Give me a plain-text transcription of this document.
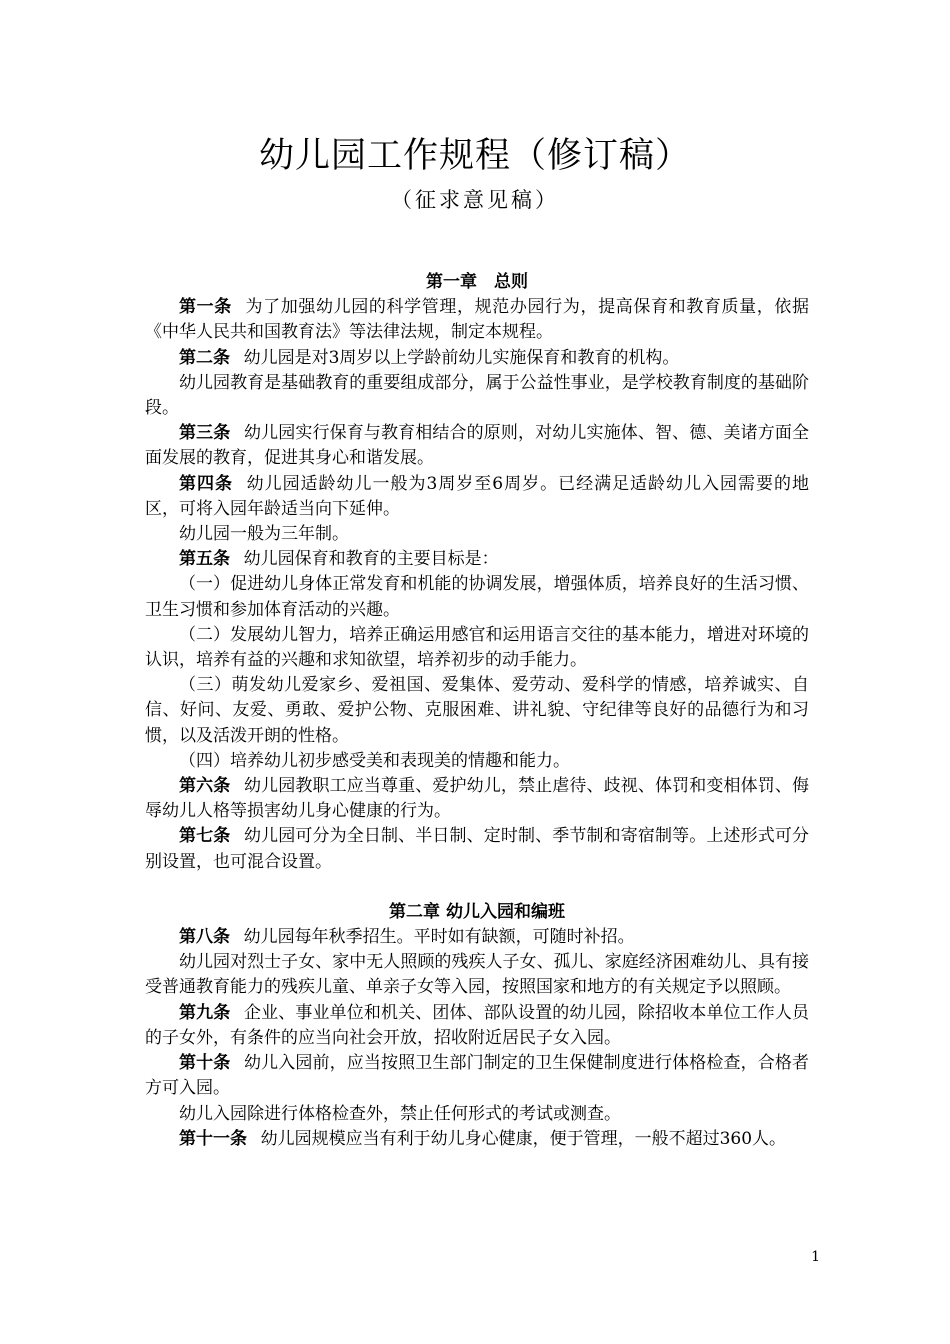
幼儿园工作规程（修订稿）
（征求意见稿）
第一章　总则

第一条 为了加强幼儿园的科学管理，规范办园行为，提高保育和教育质量，依据《中华人民共和国教育法》等法律法规，制定本规程。

第二条 幼儿园是对3周岁以上学龄前幼儿实施保育和教育的机构。

幼儿园教育是基础教育的重要组成部分，属于公益性事业，是学校教育制度的基础阶段。

第三条 幼儿园实行保育与教育相结合的原则，对幼儿实施体、智、德、美诸方面全面发展的教育，促进其身心和谐发展。

第四条 幼儿园适龄幼儿一般为3周岁至6周岁。已经满足适龄幼儿入园需要的地区，可将入园年龄适当向下延伸。

幼儿园一般为三年制。

第五条 幼儿园保育和教育的主要目标是：

（一）促进幼儿身体正常发育和机能的协调发展，增强体质，培养良好的生活习惯、卫生习惯和参加体育活动的兴趣。

（二）发展幼儿智力，培养正确运用感官和运用语言交往的基本能力，增进对环境的认识，培养有益的兴趣和求知欲望，培养初步的动手能力。

（三）萌发幼儿爱家乡、爱祖国、爱集体、爱劳动、爱科学的情感，培养诚实、自信、好问、友爱、勇敢、爱护公物、克服困难、讲礼貌、守纪律等良好的品德行为和习惯，以及活泼开朗的性格。

（四）培养幼儿初步感受美和表现美的情趣和能力。

第六条 幼儿园教职工应当尊重、爱护幼儿，禁止虐待、歧视、体罚和变相体罚、侮辱幼儿人格等损害幼儿身心健康的行为。

第七条 幼儿园可分为全日制、半日制、定时制、季节制和寄宿制等。上述形式可分别设置，也可混合设置。

第二章 幼儿入园和编班

第八条 幼儿园每年秋季招生。平时如有缺额，可随时补招。

幼儿园对烈士子女、家中无人照顾的残疾人子女、孤儿、家庭经济困难幼儿、具有接受普通教育能力的残疾儿童、单亲子女等入园，按照国家和地方的有关规定予以照顾。

第九条 企业、事业单位和机关、团体、部队设置的幼儿园，除招收本单位工作人员的子女外，有条件的应当向社会开放，招收附近居民子女入园。

第十条 幼儿入园前，应当按照卫生部门制定的卫生保健制度进行体格检查，合格者方可入园。

幼儿入园除进行体格检查外，禁止任何形式的考试或测查。

第十一条 幼儿园规模应当有利于幼儿身心健康，便于管理，一般不超过360人。

1
